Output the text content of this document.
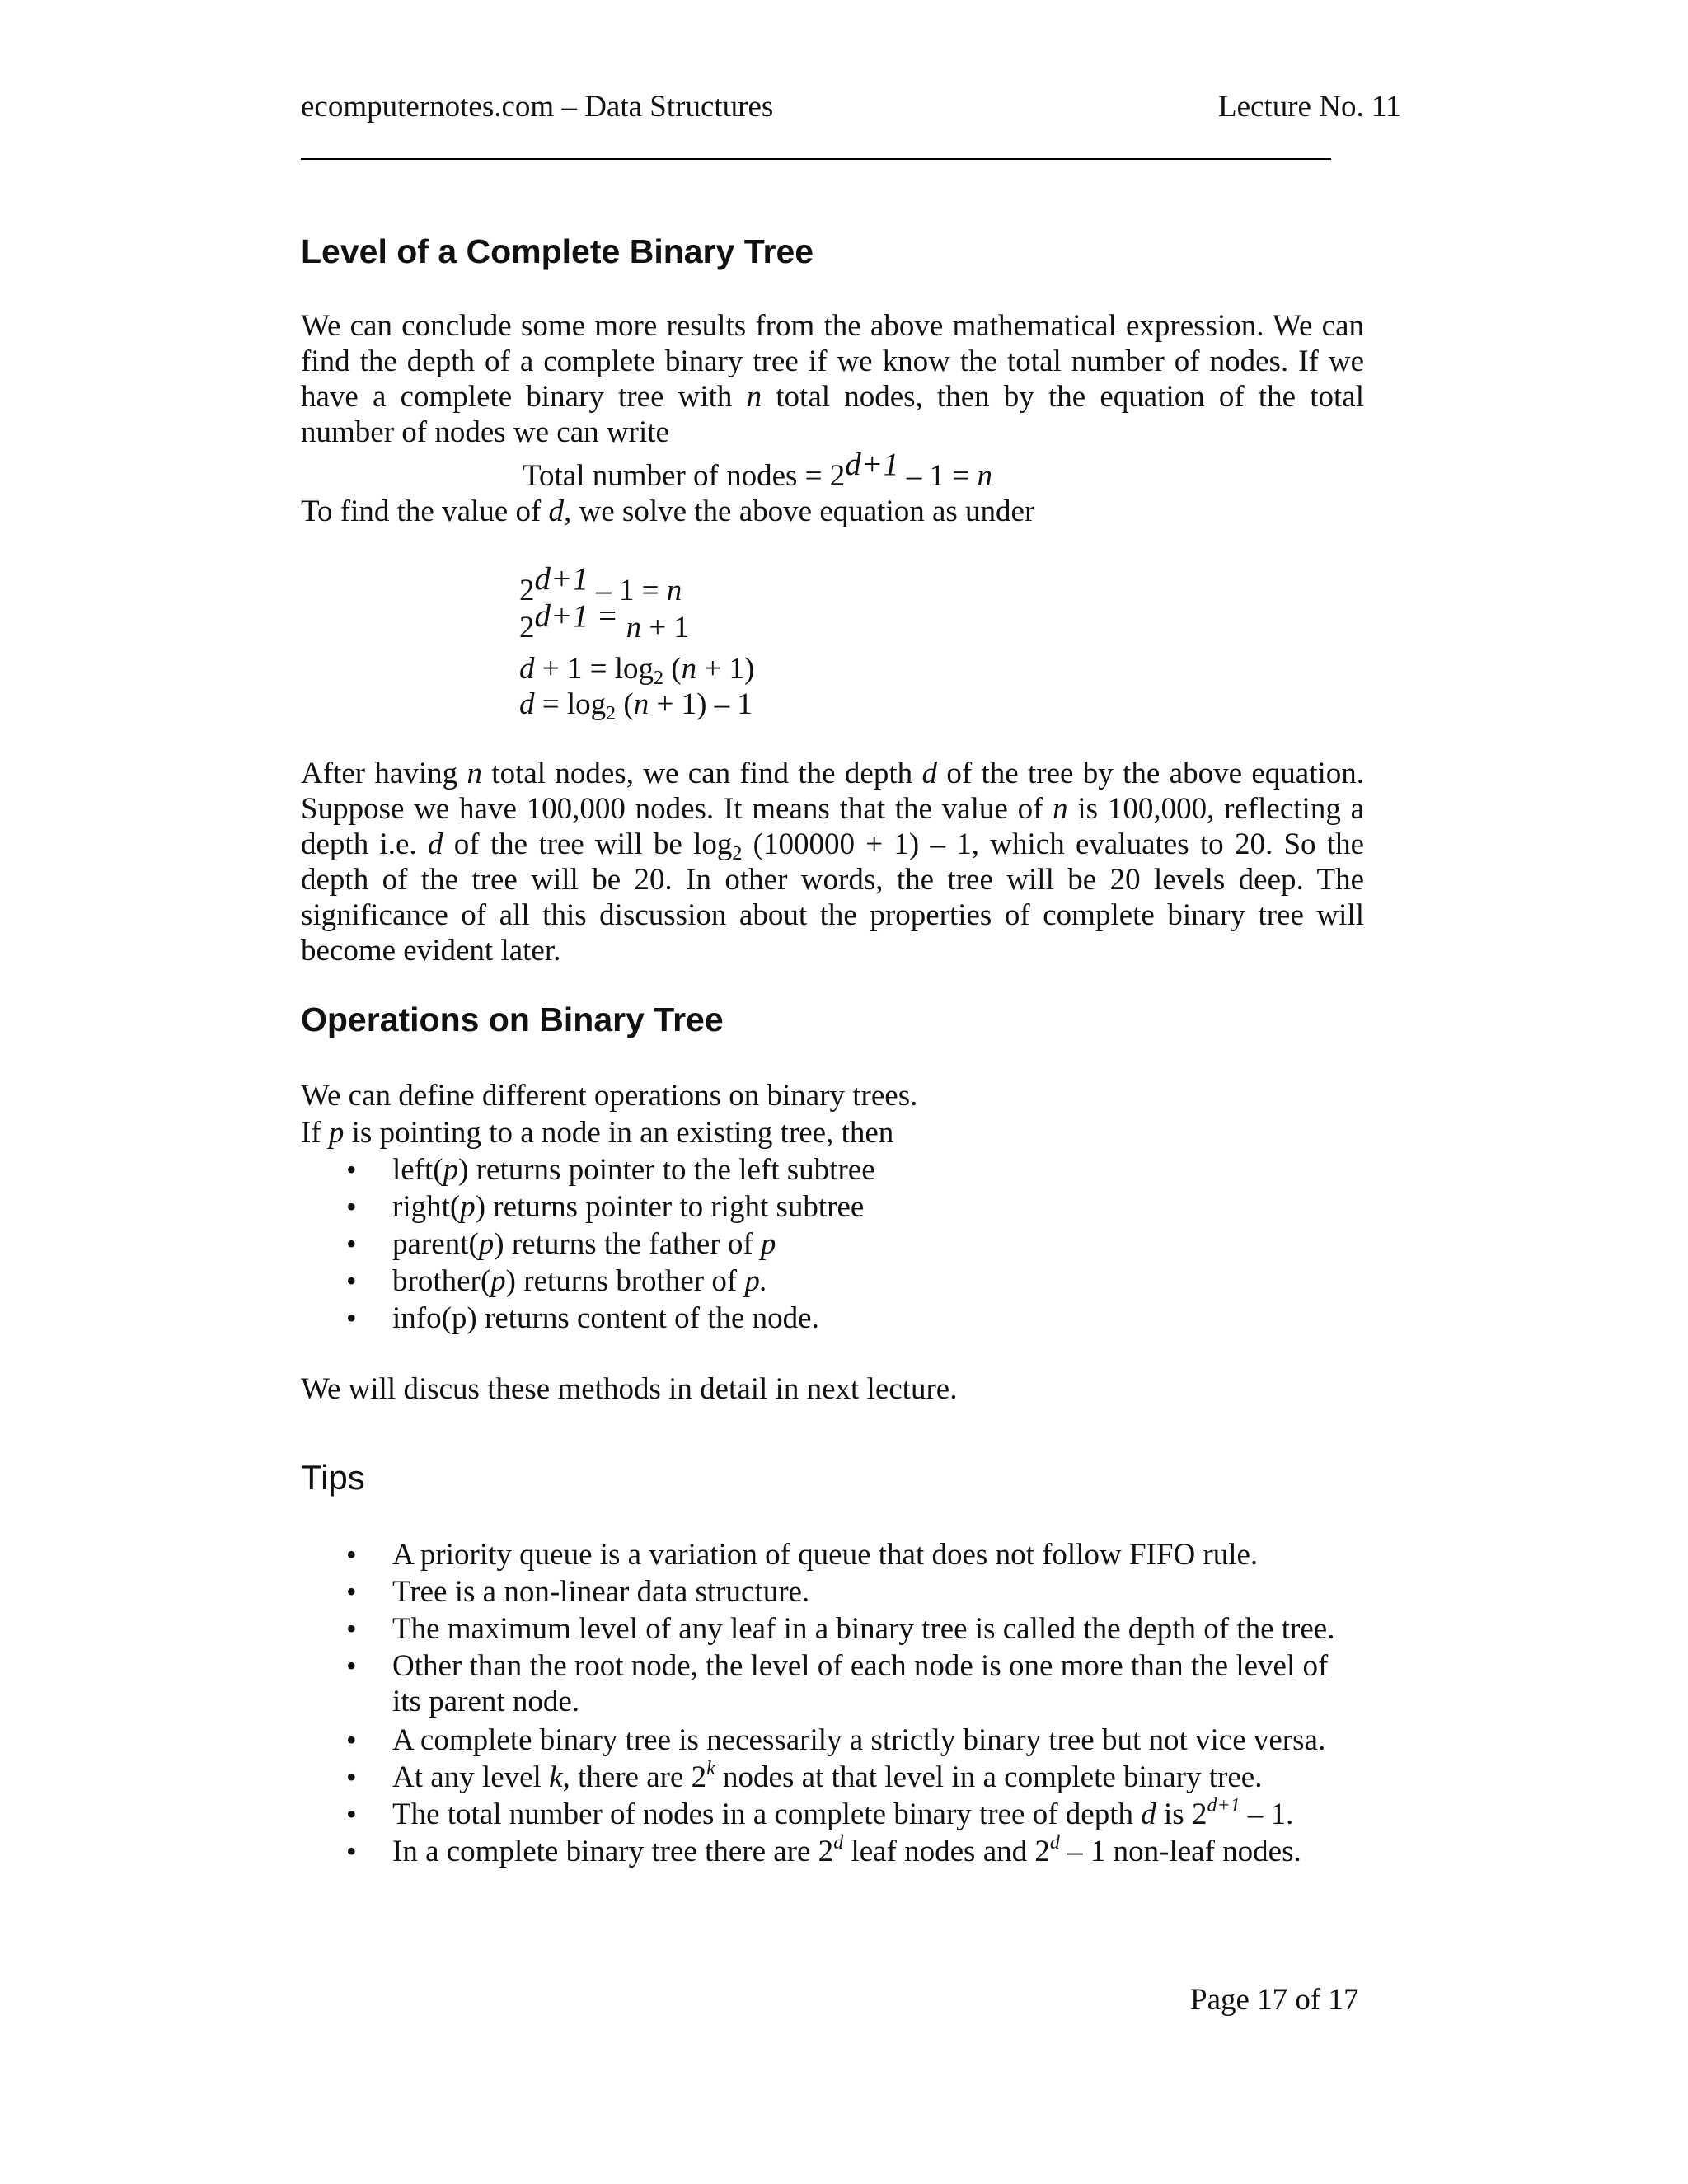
ecomputernotes.com – Data Structures	Lecture No. 11
Level of a Complete Binary Tree
We can conclude some more results from the above mathematical expression. We can find the depth of a complete binary tree if we know the total number of nodes. If we have a complete binary tree with n total nodes, then by the equation of the total number of nodes we can write
Total number of nodes = $2^{d+1} - 1 = n$
To find the value of d, we solve the above equation as under
$2^{d+1} - 1 = n$
$2^{d+1 =}$ n + 1
$d + 1 = \log_2 (n + 1)$
$d = \log_2 (n + 1) - 1$
After having n total nodes, we can find the depth d of the tree by the above equation. Suppose we have 100,000 nodes. It means that the value of n is 100,000, reflecting a depth i.e. d of the tree will be $\log_2 (100000 + 1) - 1$, which evaluates to 20. So the depth of the tree will be 20. In other words, the tree will be 20 levels deep. The significance of all this discussion about the properties of complete binary tree will become evident later.
Operations on Binary Tree
We can define different operations on binary trees.
If p is pointing to a node in an existing tree, then
• left(p) returns pointer to the left subtree
• right(p) returns pointer to right subtree
• parent(p) returns the father of p
• brother(p) returns brother of p.
• info(p) returns content of the node.
We will discus these methods in detail in next lecture.
Tips
• A priority queue is a variation of queue that does not follow FIFO rule.
• Tree is a non-linear data structure.
• The maximum level of any leaf in a binary tree is called the depth of the tree.
• Other than the root node, the level of each node is one more than the level of its parent node.
• A complete binary tree is necessarily a strictly binary tree but not vice versa.
• At any level k, there are 2$^k$ nodes at that level in a complete binary tree.
• The total number of nodes in a complete binary tree of depth d is $2^{d+1} - 1$.
• In a complete binary tree there are 2$^d$ leaf nodes and 2$^d$ – 1 non-leaf nodes.
Page 17 of 17
